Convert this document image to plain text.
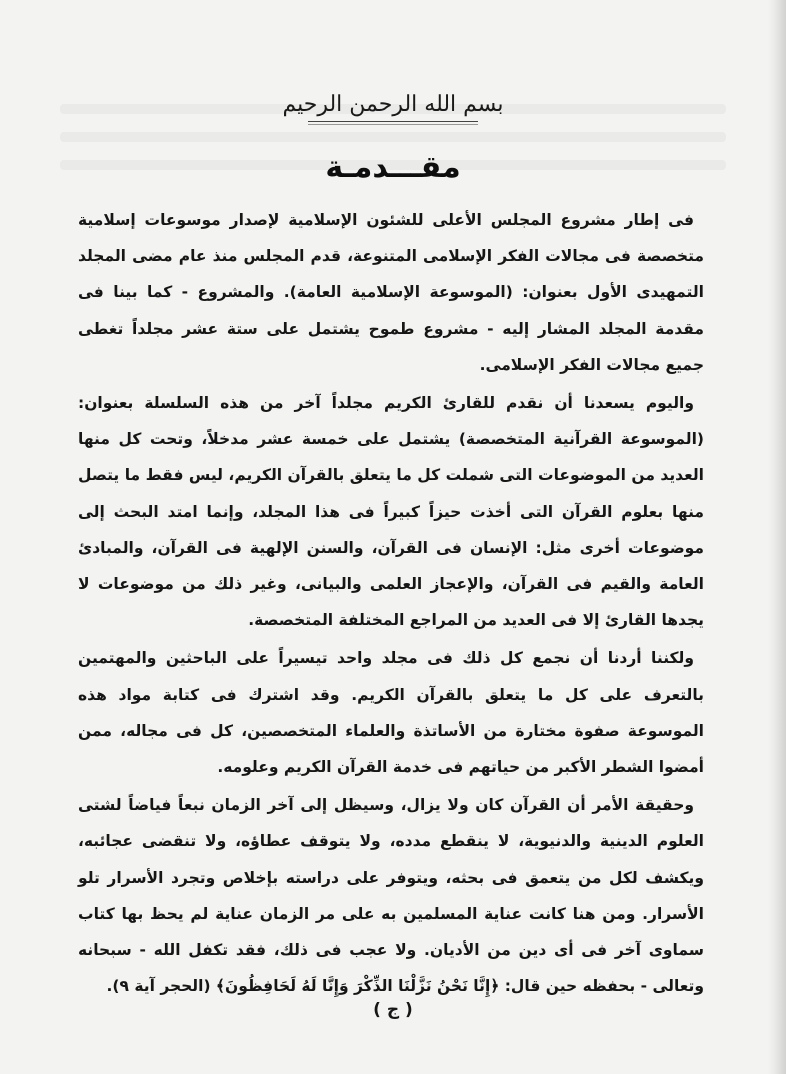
بسم الله الرحمن الرحيم
مقـــدمـة

فى إطار مشروع المجلس الأعلى للشئون الإسلامية لإصدار موسوعات إسلامية متخصصة فى مجالات الفكر الإسلامى المتنوعة، قدم المجلس منذ عام مضى المجلد التمهيدى الأول بعنوان: (الموسوعة الإسلامية العامة). والمشروع - كما بينا فى مقدمة المجلد المشار إليه - مشروع طموح يشتمل على ستة عشر مجلداً تغطى جميع مجالات الفكر الإسلامى.

واليوم يسعدنا أن نقدم للقارئ الكريم مجلداً آخر من هذه السلسلة بعنوان: (الموسوعة القرآنية المتخصصة) يشتمل على خمسة عشر مدخلاً، وتحت كل منها العديد من الموضوعات التى شملت كل ما يتعلق بالقرآن الكريم، ليس فقط ما يتصل منها بعلوم القرآن التى أخذت حيزاً كبيراً فى هذا المجلد، وإنما امتد البحث إلى موضوعات أخرى مثل: الإنسان فى القرآن، والسنن الإلهية فى القرآن، والمبادئ العامة والقيم فى القرآن، والإعجاز العلمى والبيانى، وغير ذلك من موضوعات لا يجدها القارئ إلا فى العديد من المراجع المختلفة المتخصصة.

ولكننا أردنا أن نجمع كل ذلك فى مجلد واحد تيسيراً على الباحثين والمهتمين بالتعرف على كل ما يتعلق بالقرآن الكريم. وقد اشترك فى كتابة مواد هذه الموسوعة صفوة مختارة من الأساتذة والعلماء المتخصصين، كل فى مجاله، ممن أمضوا الشطر الأكبر من حياتهم فى خدمة القرآن الكريم وعلومه.

وحقيقة الأمر أن القرآن كان ولا يزال، وسيظل إلى آخر الزمان نبعاً فياضاً لشتى العلوم الدينية والدنيوية، لا ينقطع مدده، ولا يتوقف عطاؤه، ولا تنقضى عجائبه، ويكشف لكل من يتعمق فى بحثه، ويتوفر على دراسته بإخلاص وتجرد الأسرار تلو الأسرار. ومن هنا كانت عناية المسلمين به على مر الزمان عناية لم يحظ بها كتاب سماوى آخر فى أى دين من الأديان. ولا عجب فى ذلك، فقد تكفل الله - سبحانه وتعالى - بحفظه حين قال: ﴿إِنَّا نَحْنُ نَزَّلْنَا الذِّكْرَ وَإِنَّا لَهُ لَحَافِظُونَ﴾ (الحجر آية ٩).

( ج )
